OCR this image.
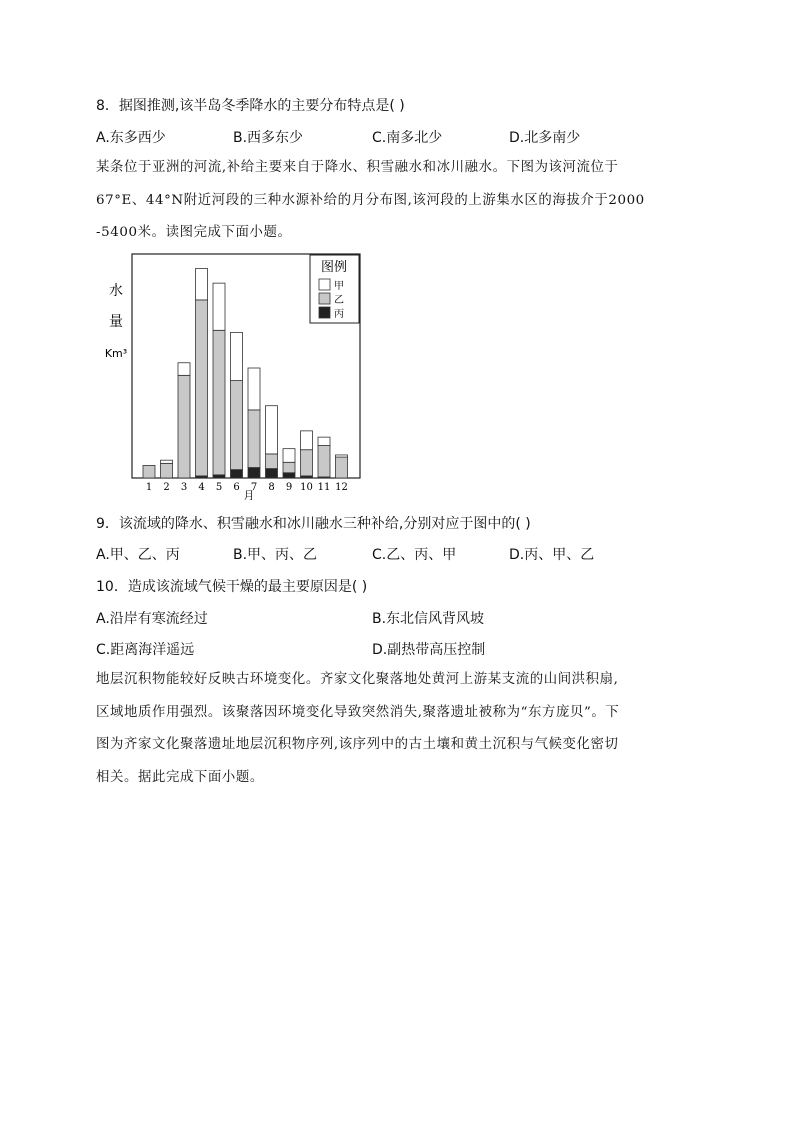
8．据图推测,该半岛冬季降水的主要分布特点是( )
A.东多西少	B.西多东少	C.南多北少	D.北多南少
某条位于亚洲的河流,补给主要来自于降水、积雪融水和冰川融水。下图为该河流位于
67°E、44°N附近河段的三种水源补给的月分布图,该河段的上游集水区的海拔介于2000
-5400米。读图完成下面小题。
水
量
Km³
1 2 3 4 5 6 7 8 9 10 11 12
月
图例
甲
乙
丙
9．该流域的降水、积雪融水和冰川融水三种补给,分别对应于图中的( )
A.甲、乙、丙	B.甲、丙、乙	C.乙、丙、甲	D.丙、甲、乙
10．造成该流域气候干燥的最主要原因是( )
A.沿岸有寒流经过	B.东北信风背风坡
C.距离海洋遥远	D.副热带高压控制
地层沉积物能较好反映古环境变化。齐家文化聚落地处黄河上游某支流的山间洪积扇,
区域地质作用强烈。该聚落因环境变化导致突然消失,聚落遗址被称为“东方庞贝”。下
图为齐家文化聚落遗址地层沉积物序列,该序列中的古土壤和黄土沉积与气候变化密切
相关。据此完成下面小题。
